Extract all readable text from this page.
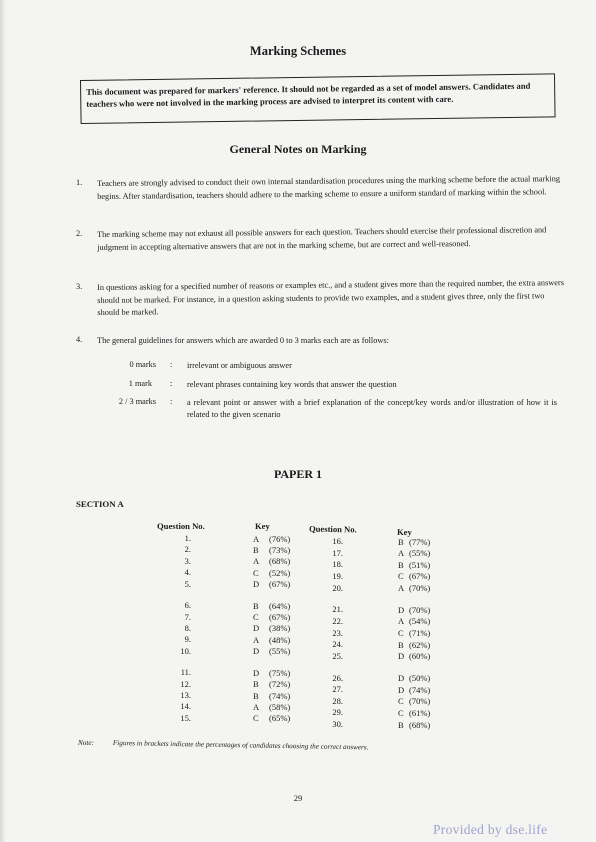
Marking Schemes
This document was prepared for markers' reference. It should not be regarded as a set of model answers. Candidates and teachers who were not involved in the marking process are advised to interpret its content with care.
General Notes on Marking
1.	Teachers are strongly advised to conduct their own internal standardisation procedures using the marking scheme before the actual marking begins. After standardisation, teachers should adhere to the marking scheme to ensure a uniform standard of marking within the school.
2.	The marking scheme may not exhaust all possible answers for each question. Teachers should exercise their professional discretion and judgment in accepting alternative answers that are not in the marking scheme, but are correct and well-reasoned.
3.	In questions asking for a specified number of reasons or examples etc., and a student gives more than the required number, the extra answers should not be marked. For instance, in a question asking students to provide two examples, and a student gives three, only the first two should be marked.
4.	The general guidelines for answers which are awarded 0 to 3 marks each are as follows:
0 marks : irrelevant or ambiguous answer
1 mark : relevant phrases containing key words that answer the question
2 / 3 marks : a relevant point or answer with a brief explanation of the concept/key words and/or illustration of how it is related to the given scenario
PAPER 1
SECTION A
Question No.	Key	Question No.	Key
1.	A (76%)
2.	B (73%)
3.	A (68%)
4.	C (52%)
5.	D (67%)
6.	B (64%)
7.	C (67%)
8.	D (38%)
9.	A (48%)
10.	D (55%)
11.	D (75%)
12.	B (72%)
13.	B (74%)
14.	A (58%)
15.	C (65%)
16.	B (77%)
17.	A (55%)
18.	B (51%)
19.	C (67%)
20.	A (70%)
21.	D (70%)
22.	A (54%)
23.	C (71%)
24.	B (62%)
25.	D (60%)
26.	D (50%)
27.	D (74%)
28.	C (70%)
29.	C (61%)
30.	B (68%)
Note:	Figures in brackets indicate the percentages of candidates choosing the correct answers.
29
Provided by dse.life
